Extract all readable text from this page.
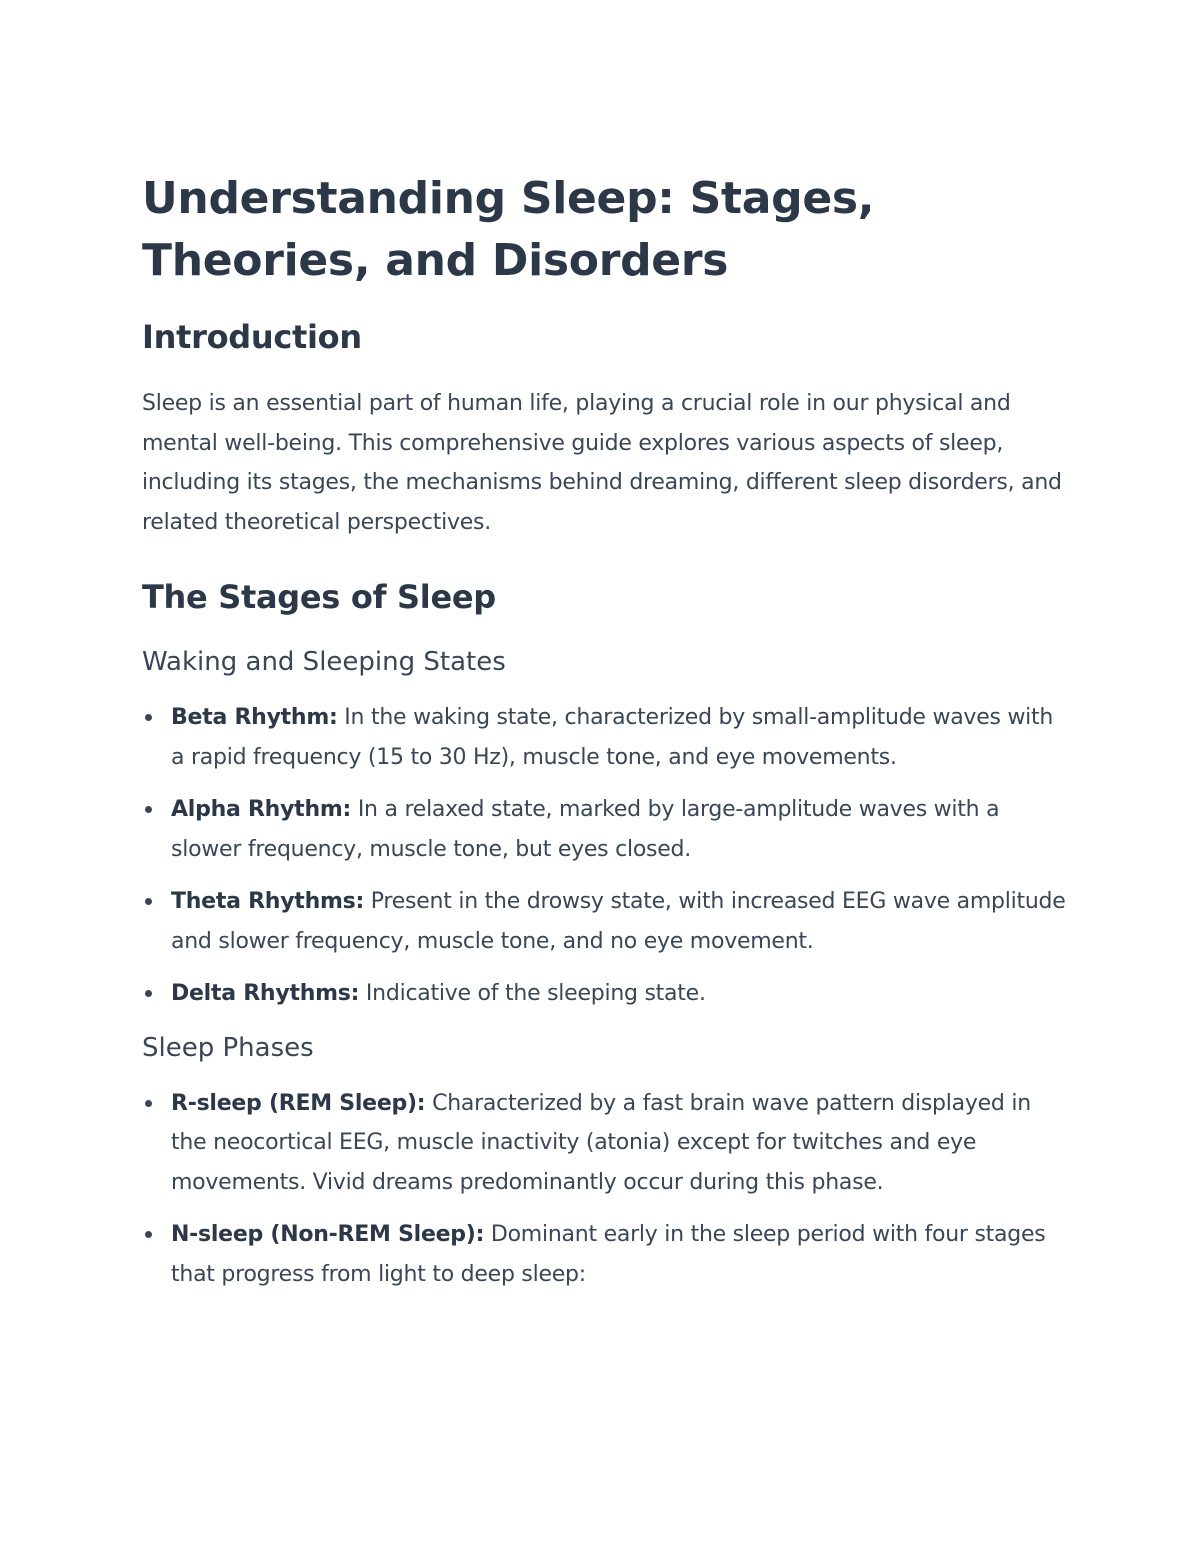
Understanding Sleep: Stages, Theories, and Disorders
Introduction

Sleep is an essential part of human life, playing a crucial role in our physical and mental well-being. This comprehensive guide explores various aspects of sleep, including its stages, the mechanisms behind dreaming, different sleep disorders, and related theoretical perspectives.

The Stages of Sleep
Waking and Sleeping States
Beta Rhythm: In the waking state, characterized by small-amplitude waves with a rapid frequency (15 to 30 Hz), muscle tone, and eye movements.
Alpha Rhythm: In a relaxed state, marked by large-amplitude waves with a slower frequency, muscle tone, but eyes closed.
Theta Rhythms: Present in the drowsy state, with increased EEG wave amplitude and slower frequency, muscle tone, and no eye movement.
Delta Rhythms: Indicative of the sleeping state.
Sleep Phases
R-sleep (REM Sleep): Characterized by a fast brain wave pattern displayed in the neocortical EEG, muscle inactivity (atonia) except for twitches and eye movements. Vivid dreams predominantly occur during this phase.
N-sleep (Non-REM Sleep): Dominant early in the sleep period with four stages that progress from light to deep sleep:
